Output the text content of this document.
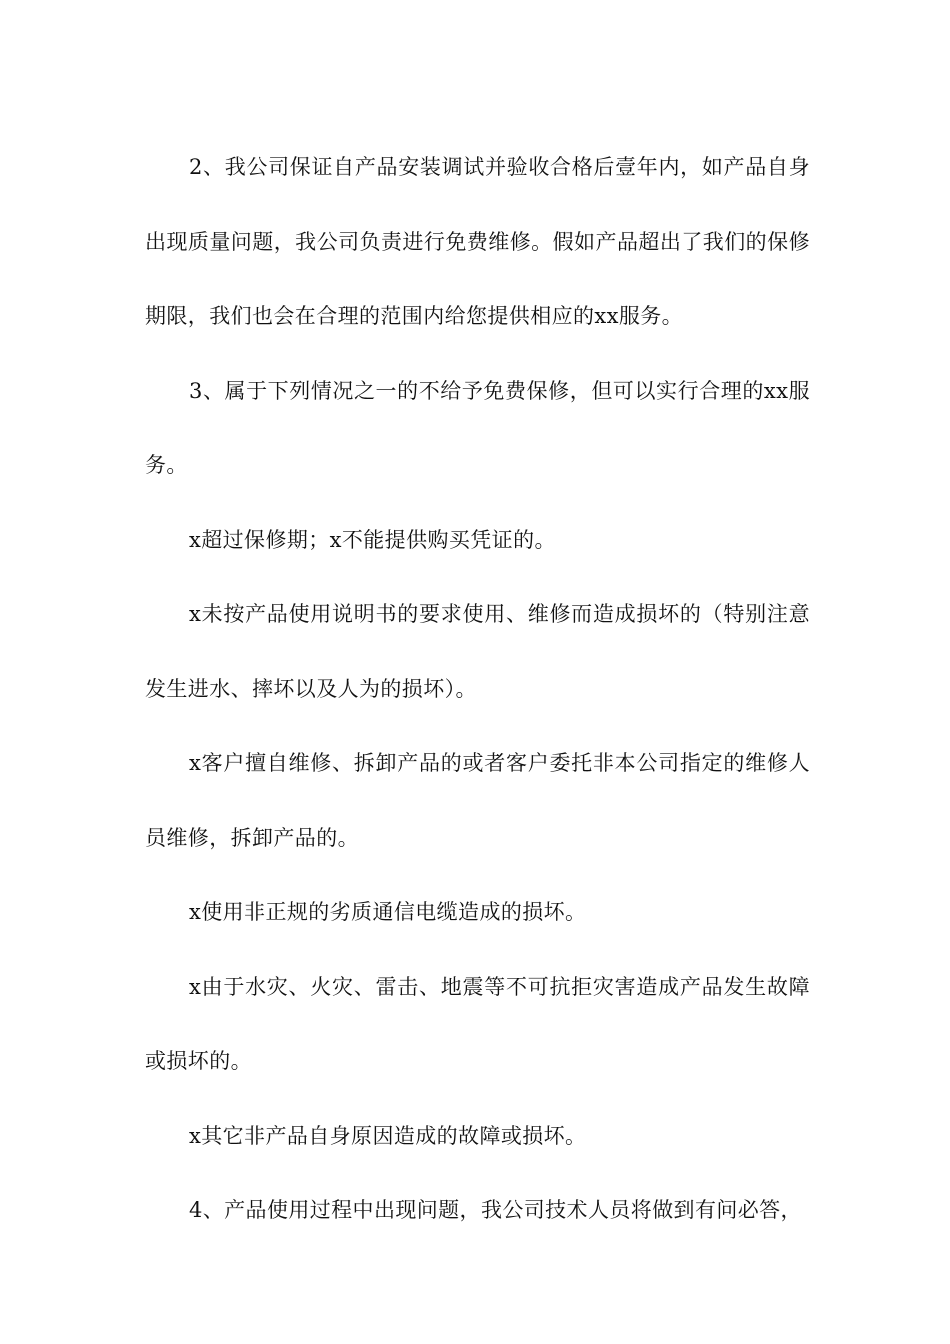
2、我公司保证自产品安装调试并验收合格后壹年内，如产品自身出现质量问题，我公司负责进行免费维修。假如产品超出了我们的保修期限，我们也会在合理的范围内给您提供相应的xx服务。

3、属于下列情况之一的不给予免费保修，但可以实行合理的xx服务。

x超过保修期；x不能提供购买凭证的。

x未按产品使用说明书的要求使用、维修而造成损坏的（特别注意发生进水、摔坏以及人为的损坏）。

x客户擅自维修、拆卸产品的或者客户委托非本公司指定的维修人员维修，拆卸产品的。

x使用非正规的劣质通信电缆造成的损坏。

x由于水灾、火灾、雷击、地震等不可抗拒灾害造成产品发生故障或损坏的。

x其它非产品自身原因造成的故障或损坏。

4、产品使用过程中出现问题，我公司技术人员将做到有问必答，
